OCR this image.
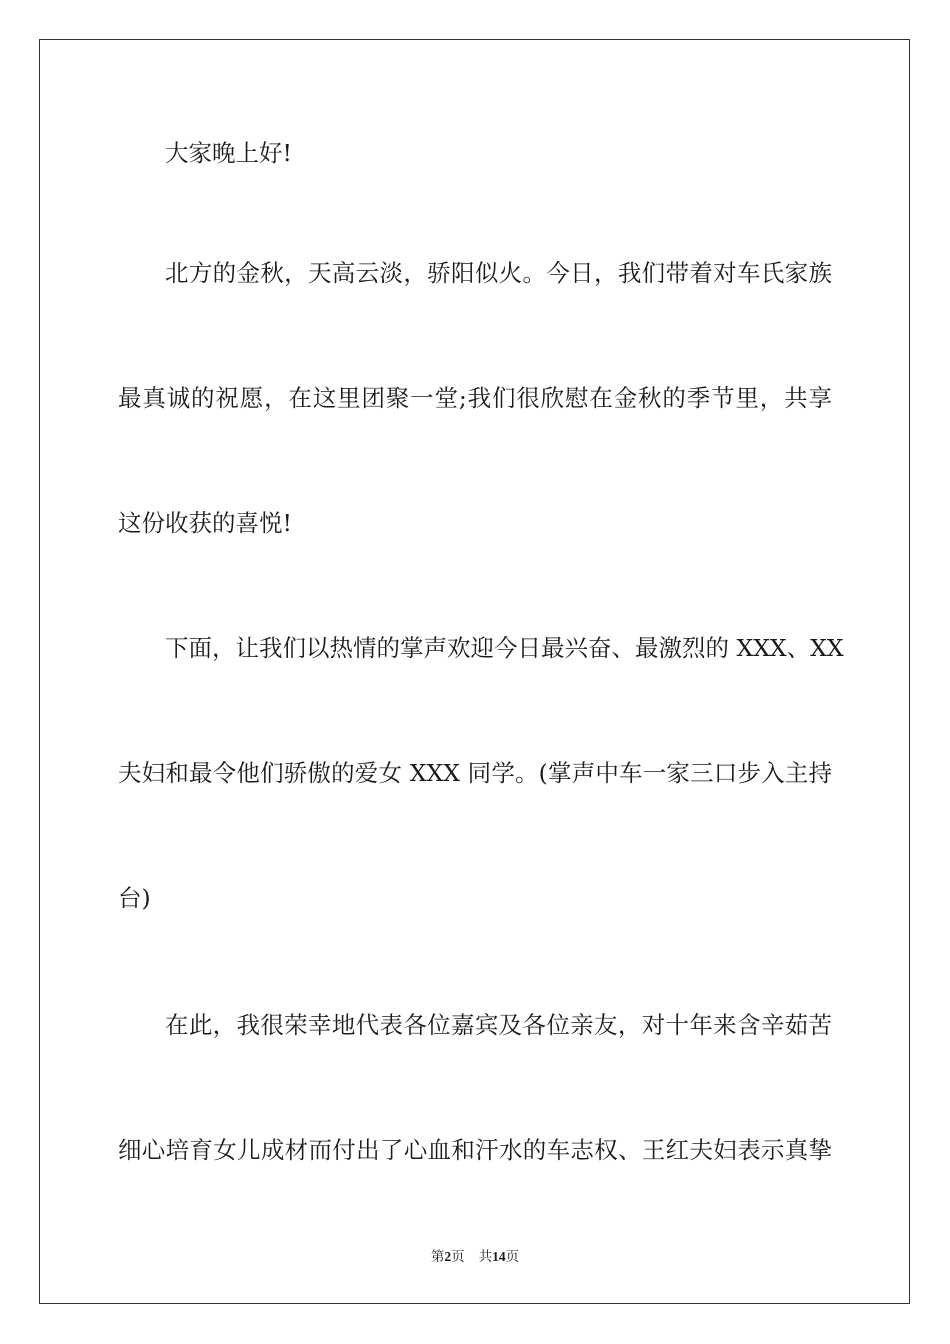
大家晚上好!
北方的金秋，天高云淡，骄阳似火。今日，我们带着对车氏家族
最真诚的祝愿，在这里团聚一堂;我们很欣慰在金秋的季节里，共享
这份收获的喜悦!
下面，让我们以热情的掌声欢迎今日最兴奋、最激烈的 XXX、XX
夫妇和最令他们骄傲的爱女 XXX 同学。(掌声中车一家三口步入主持
台)
在此，我很荣幸地代表各位嘉宾及各位亲友，对十年来含辛茹苦
细心培育女儿成材而付出了心血和汗水的车志权、王红夫妇表示真挚
第2页 共14页
